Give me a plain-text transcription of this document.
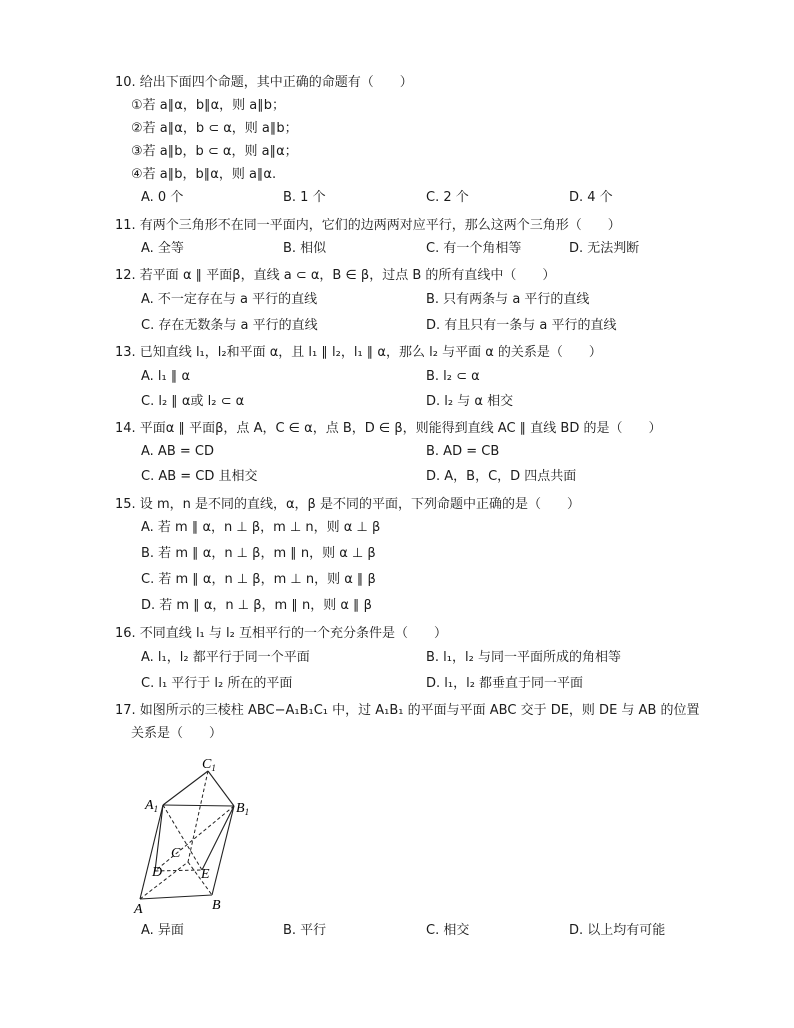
10. 给出下面四个命题，其中正确的命题有（　　）
①若 a∥α，b∥α，则 a∥b；
②若 a∥α，b ⊂ α，则 a∥b；
③若 a∥b，b ⊂ α，则 a∥α；
④若 a∥b，b∥α，则 a∥α.
A. 0 个	B. 1 个	C. 2 个	D. 4 个
11. 有两个三角形不在同一平面内，它们的边两两对应平行，那么这两个三角形（　　）
A. 全等	B. 相似	C. 有一个角相等	D. 无法判断
12. 若平面 α ∥ 平面β，直线 a ⊂ α，B ∈ β，过点 B 的所有直线中（　　）
A. 不一定存在与 a 平行的直线	B. 只有两条与 a 平行的直线
C. 存在无数条与 a 平行的直线	D. 有且只有一条与 a 平行的直线
13. 已知直线 l₁，l₂和平面 α，且 l₁ ∥ l₂，l₁ ∥ α，那么 l₂ 与平面 α 的关系是（　　）
A. l₁ ∥ α	B. l₂ ⊂ α
C. l₂ ∥ α或 l₂ ⊂ α	D. l₂ 与 α 相交
14. 平面α ∥ 平面β，点 A，C ∈ α，点 B，D ∈ β，则能得到直线 AC ∥ 直线 BD 的是（　　）
A. AB = CD	B. AD = CB
C. AB = CD 且相交	D. A，B，C，D 四点共面
15. 设 m，n 是不同的直线，α，β 是不同的平面，下列命题中正确的是（　　）
A. 若 m ∥ α，n ⊥ β，m ⊥ n，则 α ⊥ β
B. 若 m ∥ α，n ⊥ β，m ∥ n，则 α ⊥ β
C. 若 m ∥ α，n ⊥ β，m ⊥ n，则 α ∥ β
D. 若 m ∥ α，n ⊥ β，m ∥ n，则 α ∥ β
16. 不同直线 l₁ 与 l₂ 互相平行的一个充分条件是（　　）
A. l₁，l₂ 都平行于同一个平面	B. l₁，l₂ 与同一平面所成的角相等
C. l₁ 平行于 l₂ 所在的平面	D. l₁，l₂ 都垂直于同一平面
17. 如图所示的三棱柱 ABC−A₁B₁C₁ 中，过 A₁B₁ 的平面与平面 ABC 交于 DE，则 DE 与 AB 的位置
关系是（　　）
$C_1$
$A_1$	$B_1$
C
D	E
A	B
A. 异面	B. 平行	C. 相交	D. 以上均有可能
